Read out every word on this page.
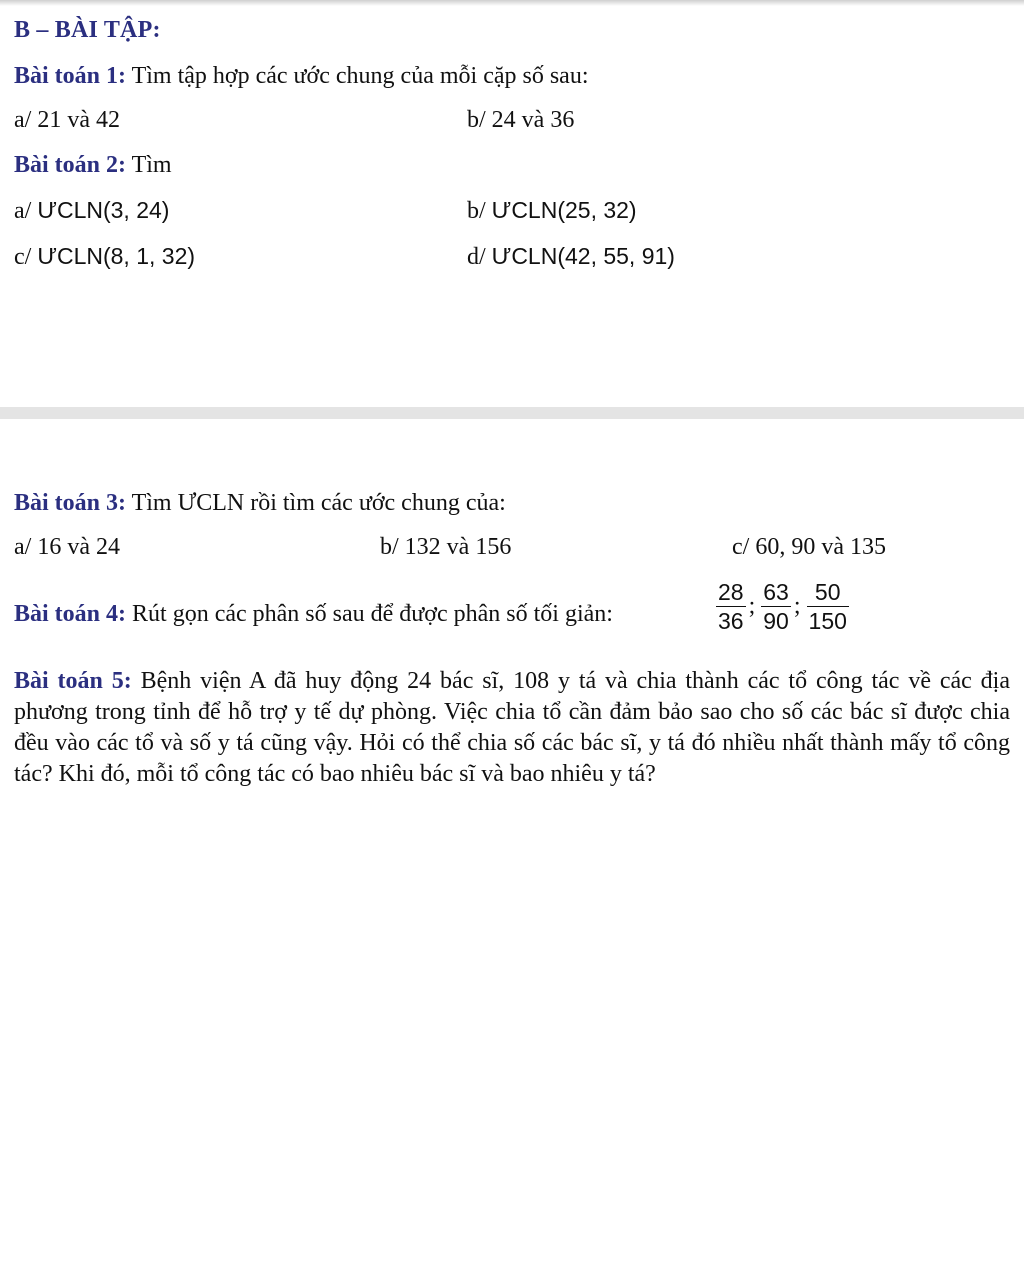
B – BÀI TẬP:
Bài toán 1: Tìm tập hợp các ước chung của mỗi cặp số sau:
a/ 21 và 42	b/ 24 và 36
Bài toán 2: Tìm
a/ ƯCLN(3, 24)	b/ ƯCLN(25, 32)
c/ ƯCLN(8, 1, 32)	d/ ƯCLN(42, 55, 91)
Bài toán 3: Tìm ƯCLN rồi tìm các ước chung của:
a/ 16 và 24	b/ 132 và 156	c/ 60, 90 và 135
Bài toán 4: Rút gọn các phân số sau để được phân số tối giản:	$\frac{28}{36}$ ; $\frac{63}{90}$ ; $\frac{50}{150}$
Bài toán 5: Bệnh viện A đã huy động 24 bác sĩ, 108 y tá và chia thành các tổ công tác về các địa phương trong tỉnh để hỗ trợ y tế dự phòng. Việc chia tổ cần đảm bảo sao cho số các bác sĩ được chia đều vào các tổ và số y tá cũng vậy. Hỏi có thể chia số các bác sĩ, y tá đó nhiều nhất thành mấy tổ công tác? Khi đó, mỗi tổ công tác có bao nhiêu bác sĩ và bao nhiêu y tá?
